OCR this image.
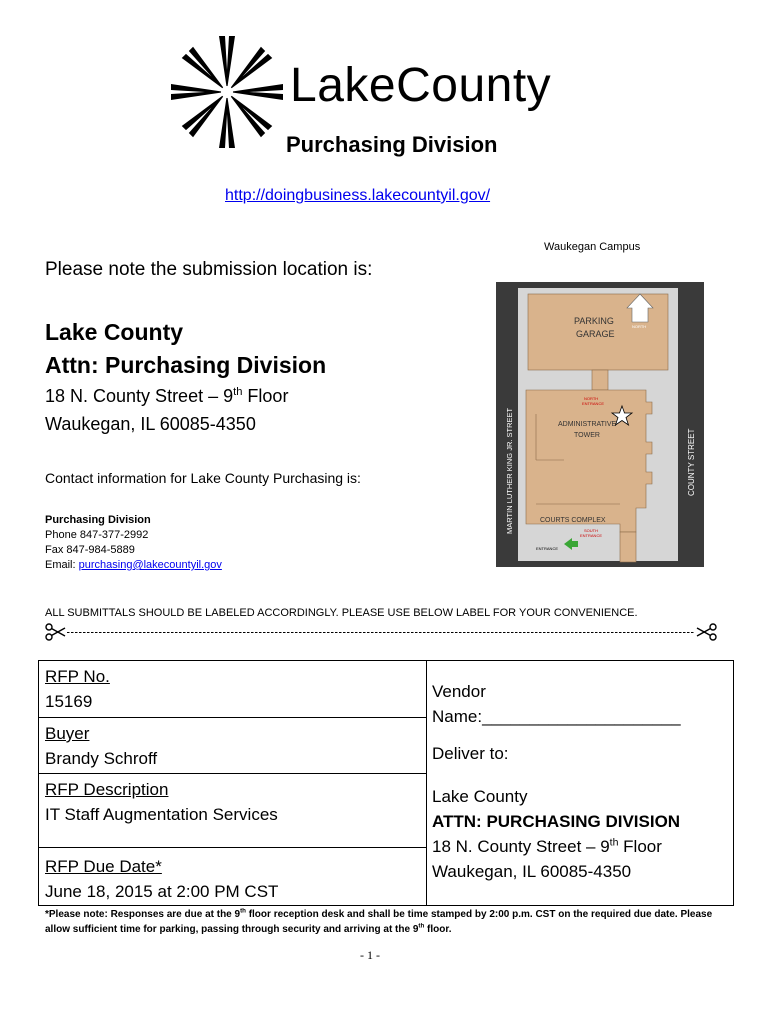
LakeCounty
Purchasing Division
http://doingbusiness.lakecountyil.gov/
Waukegan Campus
NORTH
PARKING
GARAGE
NORTH
ENTRANCE
ADMINISTRATIVE
TOWER
COURTS COMPLEX
SOUTH
ENTRANCE
ENTRANCE
MARTIN LUTHER KING JR. STREET	COUNTY STREET
Please note the submission location is:
Lake County
Attn: Purchasing Division
18 N. County Street – 9th Floor
Waukegan, IL 60085-4350
Contact information for Lake County Purchasing is:
Purchasing Division
Phone 847-377-2992
Fax 847-984-5889
Email: purchasing@lakecountyil.gov
ALL SUBMITTALS SHOULD BE LABELED ACCORDINGLY. PLEASE USE BELOW LABEL FOR YOUR CONVENIENCE.
RFP No.
15169
Buyer
Brandy Schroff
RFP Description
IT Staff Augmentation Services
RFP Due Date*
June 18, 2015 at 2:00 PM CST
Vendor
Name:_____________________
Deliver to:
Lake County
ATTN: PURCHASING DIVISION
18 N. County Street – 9th Floor
Waukegan, IL 60085-4350
*Please note: Responses are due at the 9th floor reception desk and shall be time stamped by 2:00 p.m. CST on the required due date. Please allow sufficient time for parking, passing through security and arriving at the 9th floor.
- 1 -
